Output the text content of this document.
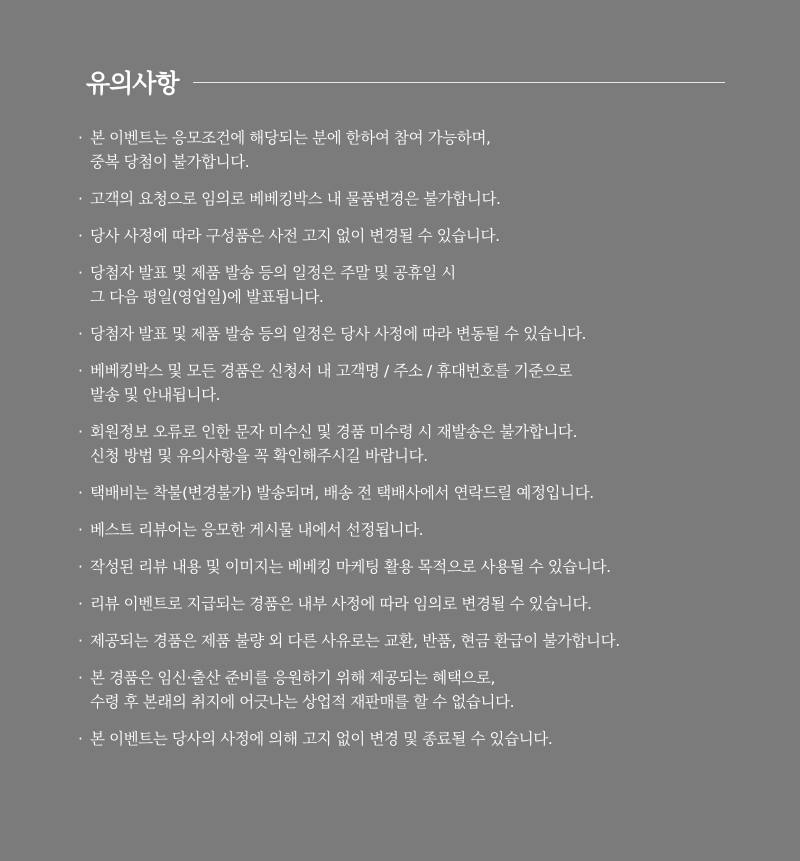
유의사항
· 본 이벤트는 응모조건에 해당되는 분에 한하여 참여 가능하며,
중복 당첨이 불가합니다.
· 고객의 요청으로 임의로 베베킹박스 내 물품변경은 불가합니다.
· 당사 사정에 따라 구성품은 사전 고지 없이 변경될 수 있습니다.
· 당첨자 발표 및 제품 발송 등의 일정은 주말 및 공휴일 시
그 다음 평일(영업일)에 발표됩니다.
· 당첨자 발표 및 제품 발송 등의 일정은 당사 사정에 따라 변동될 수 있습니다.
· 베베킹박스 및 모든 경품은 신청서 내 고객명 / 주소 / 휴대번호를 기준으로
발송 및 안내됩니다.
· 회원정보 오류로 인한 문자 미수신 및 경품 미수령 시 재발송은 불가합니다.
신청 방법 및 유의사항을 꼭 확인해주시길 바랍니다.
· 택배비는 착불(변경불가) 발송되며, 배송 전 택배사에서 연락드릴 예정입니다.
· 베스트 리뷰어는 응모한 게시물 내에서 선정됩니다.
· 작성된 리뷰 내용 및 이미지는 베베킹 마케팅 활용 목적으로 사용될 수 있습니다.
· 리뷰 이벤트로 지급되는 경품은 내부 사정에 따라 임의로 변경될 수 있습니다.
· 제공되는 경품은 제품 불량 외 다른 사유로는 교환, 반품, 현금 환급이 불가합니다.
· 본 경품은 임신·출산 준비를 응원하기 위해 제공되는 혜택으로,
수령 후 본래의 취지에 어긋나는 상업적 재판매를 할 수 없습니다.
· 본 이벤트는 당사의 사정에 의해 고지 없이 변경 및 종료될 수 있습니다.
